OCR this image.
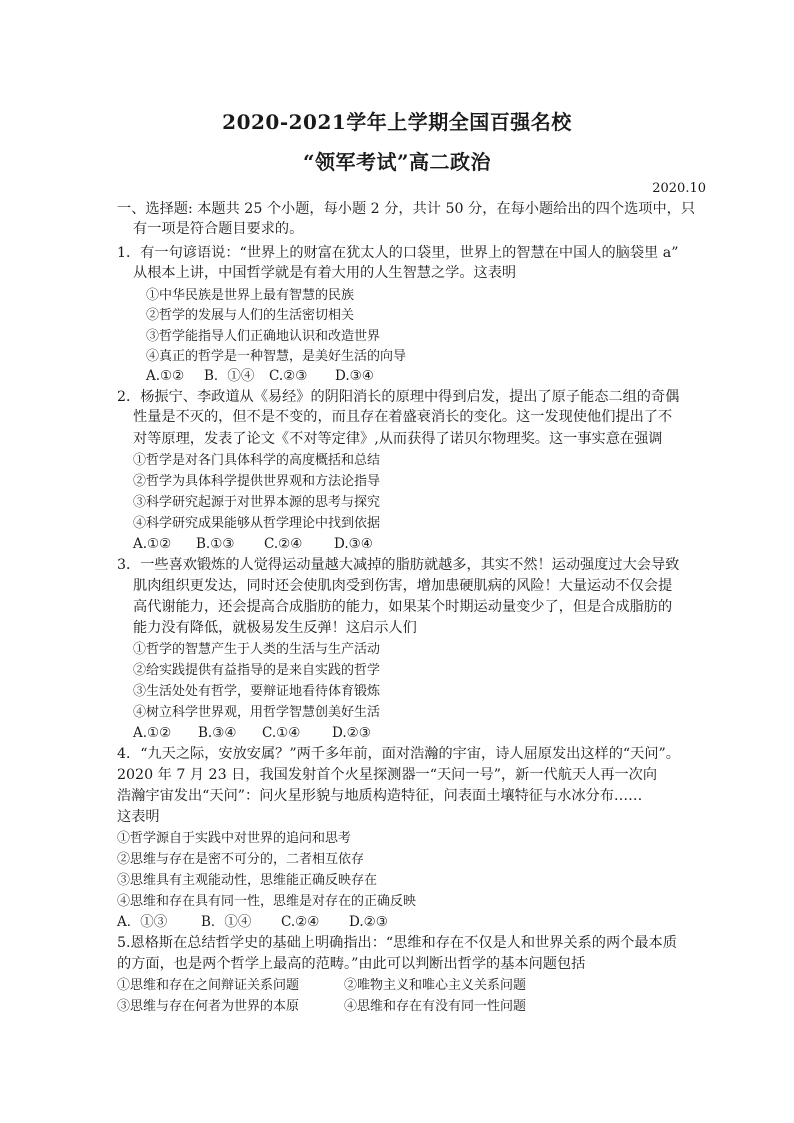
2020-2021学年上学期全国百强名校
“领军考试”高二政治
2020.10
一、选择题: 本题共 25 个小题，每小题 2 分，共计 50 分，在每小题给出的四个选项中，只
有一项是符合题目要求的。
1．有一句谚语说：“世界上的财富在犹太人的口袋里，世界上的智慧在中国人的脑袋里 a”
从根本上讲，中国哲学就是有着大用的人生智慧之学。这表明
①中华民族是世界上最有智慧的民族
②哲学的发展与人们的生活密切相关
③哲学能指导人们正确地认识和改造世界
④真正的哲学是一种智慧，是美好生活的向导
A.①② B．①④ C.②③ D.③④
2．杨振宁、李政道从《易经》的阴阳消长的原理中得到启发，提出了原子能态二组的奇偶
性量是不灭的，但不是不变的，而且存在着盛衰消长的变化。这一发现使他们提出了不
对等原理，发表了论文《不对等定律》,从而获得了诺贝尔物理奖。这一事实意在强调
①哲学是对各门具体科学的高度概括和总结
②哲学为具体科学提供世界观和方法论指导
③科学研究起源于对世界本源的思考与探究
④科学研究成果能够从哲学理论中找到依据
A.①② B.①③ C.②④ D.③④
3．一些喜欢锻炼的人觉得运动量越大减掉的脂肪就越多，其实不然！运动强度过大会导致
肌肉组织更发达，同时还会使肌肉受到伤害，增加患硬肌病的风险！大量运动不仅会提
高代谢能力，还会提高合成脂肪的能力，如果某个时期运动量变少了，但是合成脂肪的
能力没有降低，就极易发生反弹！这启示人们
①哲学的智慧产生于人类的生活与生产活动
②给实践提供有益指导的是来自实践的哲学
③生活处处有哲学，要辩证地看待体育锻炼
④树立科学世界观，用哲学智慧创美好生活
A.①② B.③④ C.①④ D.②③
4．“九天之际，安放安属？”两千多年前，面对浩瀚的宇宙，诗人屈原发出这样的“天问”。
2020 年 7 月 23 日，我国发射首个火星探测器一“天问一号”，新一代航天人再一次向
浩瀚宇宙发出“天问”：问火星形貌与地质构造特征，问表面土壤特征与水冰分布……
这表明
①哲学源自于实践中对世界的追问和思考
②思维与存在是密不可分的，二者相互依存
③思维具有主观能动性，思维能正确反映存在
④思维和存在具有同一性，思维是对存在的正确反映
A．①③	B．①④ C.②④ D.②③
5.恩格斯在总结哲学史的基础上明确指出：“思维和存在不仅是人和世界关系的两个最本质
的方面，也是两个哲学上最高的范畴。”由此可以判断出哲学的基本问题包括
①思维和存在之间辩证关系问题	②唯物主义和唯心主义关系问题
③思维与存在何者为世界的本原	④思维和存在有没有同一性问题
